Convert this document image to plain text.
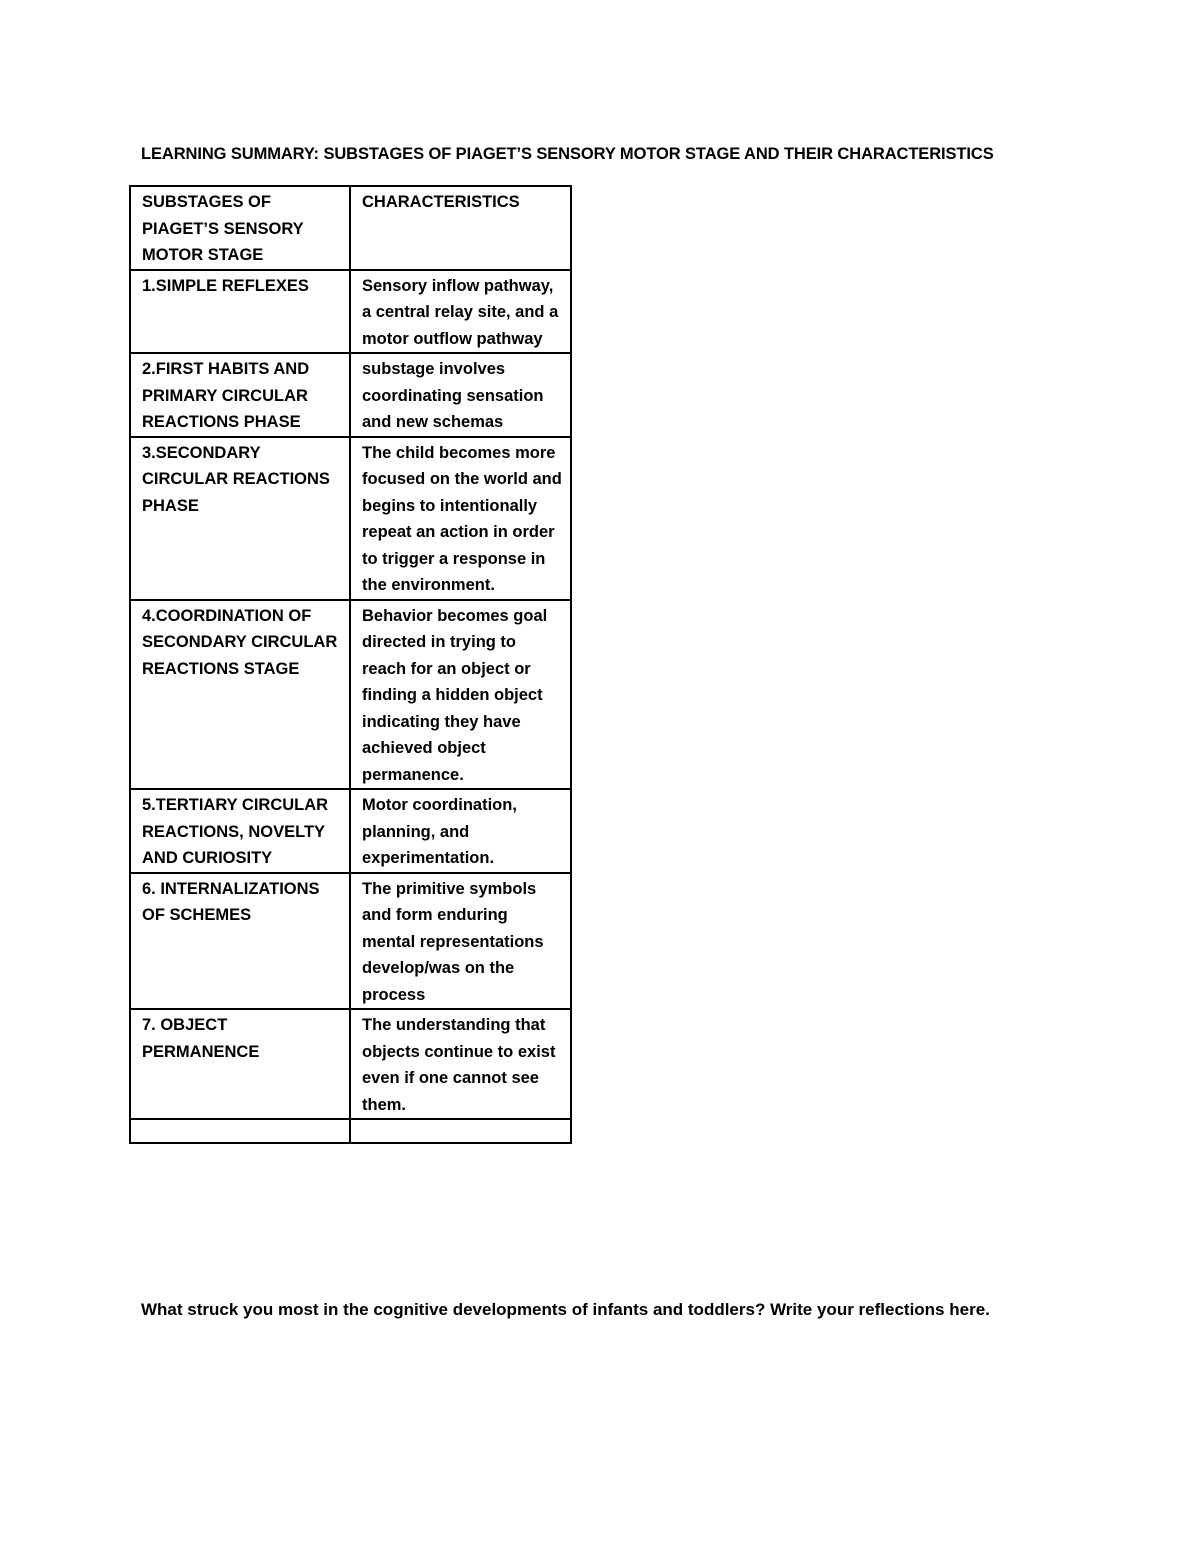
LEARNING SUMMARY: SUBSTAGES OF PIAGET’S SENSORY MOTOR STAGE AND THEIR CHARACTERISTICS
SUBSTAGES OF PIAGET’S SENSORY MOTOR STAGE	CHARACTERISTICS
1.SIMPLE REFLEXES	Sensory inflow pathway, a central relay site, and a motor outflow pathway
2.FIRST HABITS AND PRIMARY CIRCULAR REACTIONS PHASE	substage involves coordinating sensation and new schemas
3.SECONDARY CIRCULAR REACTIONS PHASE	The child becomes more focused on the world and begins to intentionally repeat an action in order to trigger a response in the environment.
4.COORDINATION OF SECONDARY CIRCULAR REACTIONS STAGE	Behavior becomes goal directed in trying to reach for an object or finding a hidden object indicating they have achieved object permanence.
5.TERTIARY CIRCULAR REACTIONS, NOVELTY AND CURIOSITY	Motor coordination, planning, and experimentation.
6. INTERNALIZATIONS OF SCHEMES	The primitive symbols and form enduring mental representations develop/was on the process
7. OBJECT PERMANENCE	The understanding that objects continue to exist even if one cannot see them.

What struck you most in the cognitive developments of infants and toddlers? Write your reflections here.
